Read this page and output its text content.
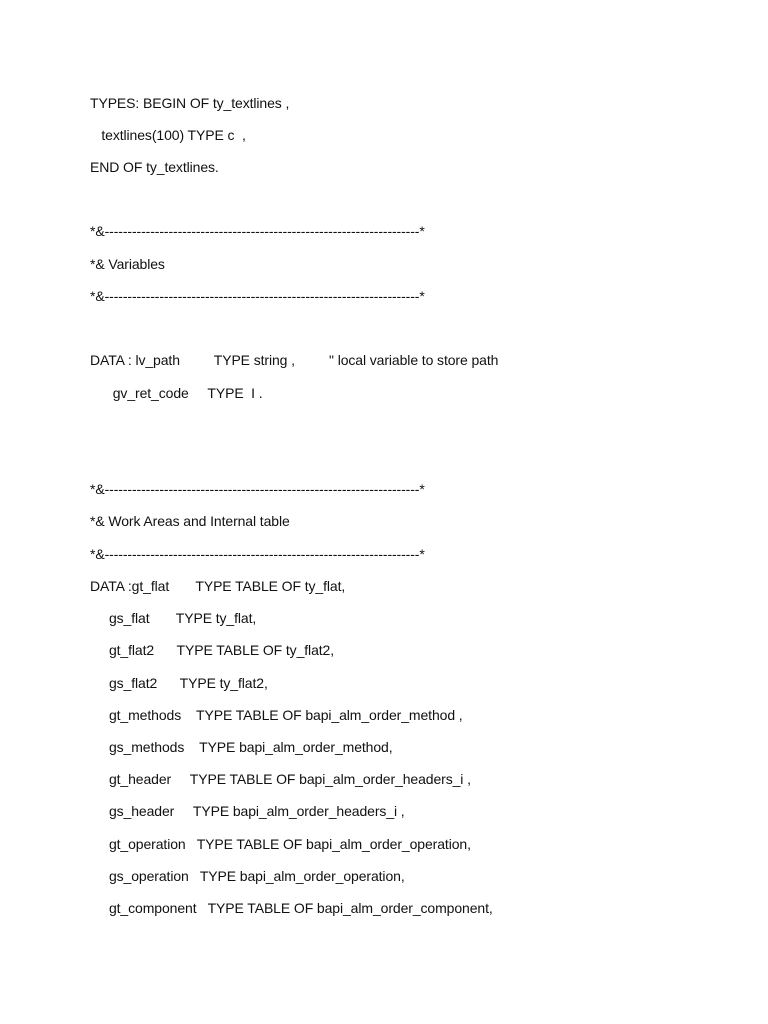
TYPES: BEGIN OF ty_textlines ,
textlines(100) TYPE c  ,
END OF ty_textlines.
*&---------------------------------------------------------------------*
*& Variables
*&---------------------------------------------------------------------*
DATA : lv_path         TYPE string ,         " local variable to store path
gv_ret_code     TYPE  I .
*&---------------------------------------------------------------------*
*& Work Areas and Internal table
*&---------------------------------------------------------------------*
DATA :gt_flat       TYPE TABLE OF ty_flat,
gs_flat       TYPE ty_flat,
gt_flat2      TYPE TABLE OF ty_flat2,
gs_flat2      TYPE ty_flat2,
gt_methods    TYPE TABLE OF bapi_alm_order_method ,
gs_methods    TYPE bapi_alm_order_method,
gt_header     TYPE TABLE OF bapi_alm_order_headers_i ,
gs_header     TYPE bapi_alm_order_headers_i ,
gt_operation   TYPE TABLE OF bapi_alm_order_operation,
gs_operation   TYPE bapi_alm_order_operation,
gt_component   TYPE TABLE OF bapi_alm_order_component,
